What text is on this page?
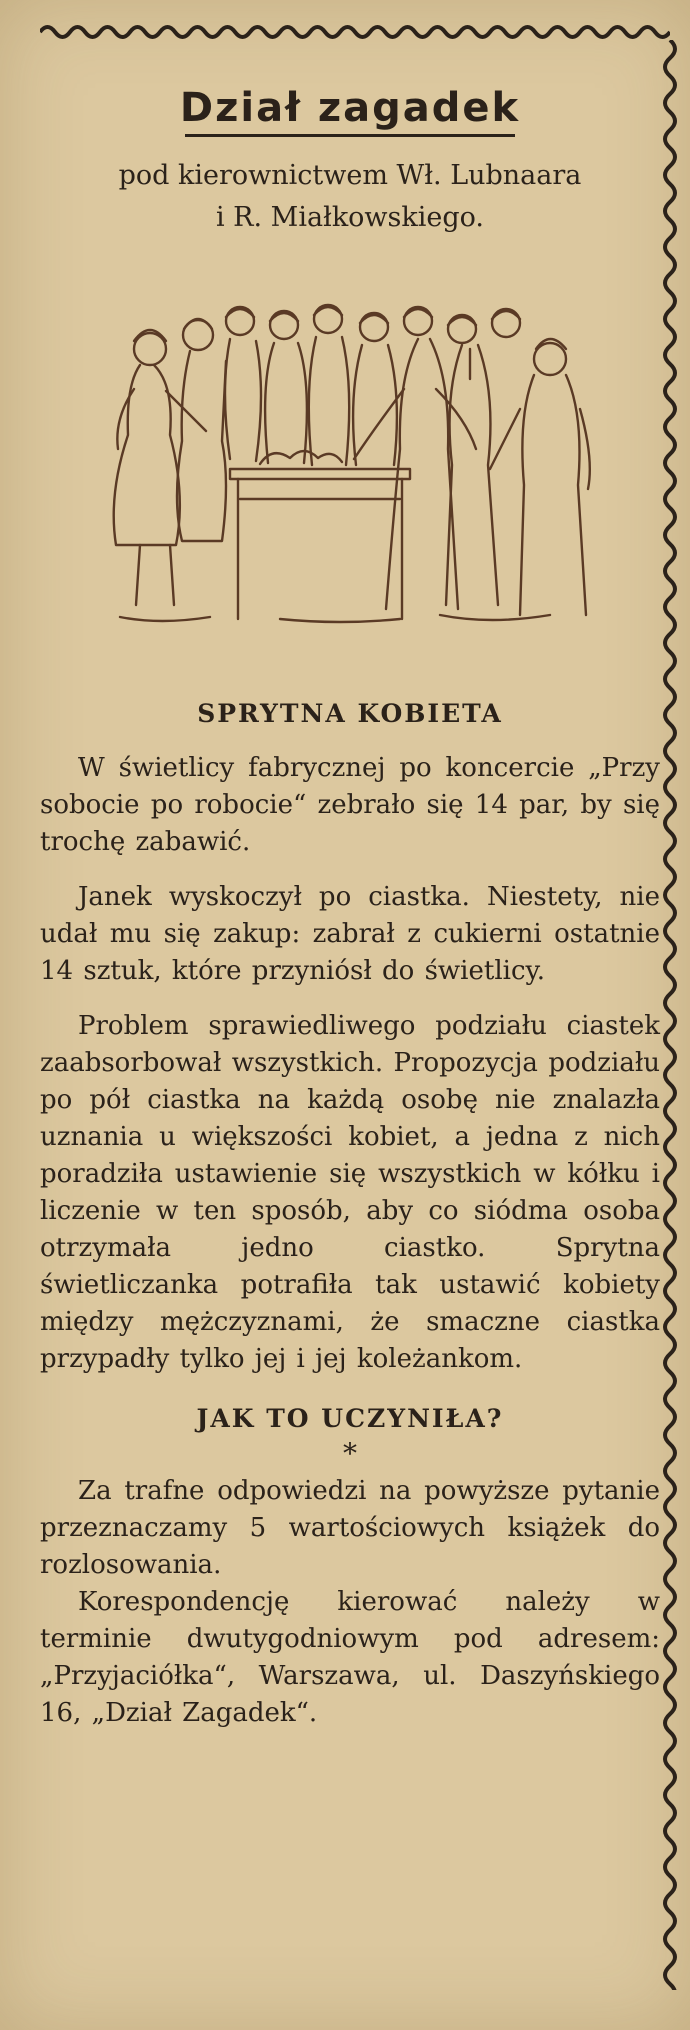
Dział zagadek

pod kierownictwem Wł. Lubnaara

i R. Miałkowskiego.

SPRYTNA KOBIETA

W świetlicy fabrycznej po koncercie „Przy sobocie po robocie“ zebrało się 14 par, by się trochę zabawić.

Janek wyskoczył po ciastka. Niestety, nie udał mu się zakup: zabrał z cukierni ostatnie 14 sztuk, które przyniósł do świetlicy.

Problem sprawiedliwego podziału ciastek zaabsorbował wszystkich. Propozycja podziału po pół ciastka na każdą osobę nie znalazła uznania u większości kobiet, a jedna z nich poradziła ustawienie się wszystkich w kółku i liczenie w ten sposób, aby co siódma osoba otrzymała jedno ciastko. Sprytna świetliczanka potrafiła tak ustawić kobiety między mężczyznami, że smaczne ciastka przypadły tylko jej i jej koleżankom.

JAK TO UCZYNIŁA?
*

Za trafne odpowiedzi na powyższe pytanie przeznaczamy 5 wartościowych książek do rozlosowania.

Korespondencję kierować należy w terminie dwutygodniowym pod adresem: „Przyjaciółka“, Warszawa, ul. Daszyńskiego 16, „Dział Zagadek“.
